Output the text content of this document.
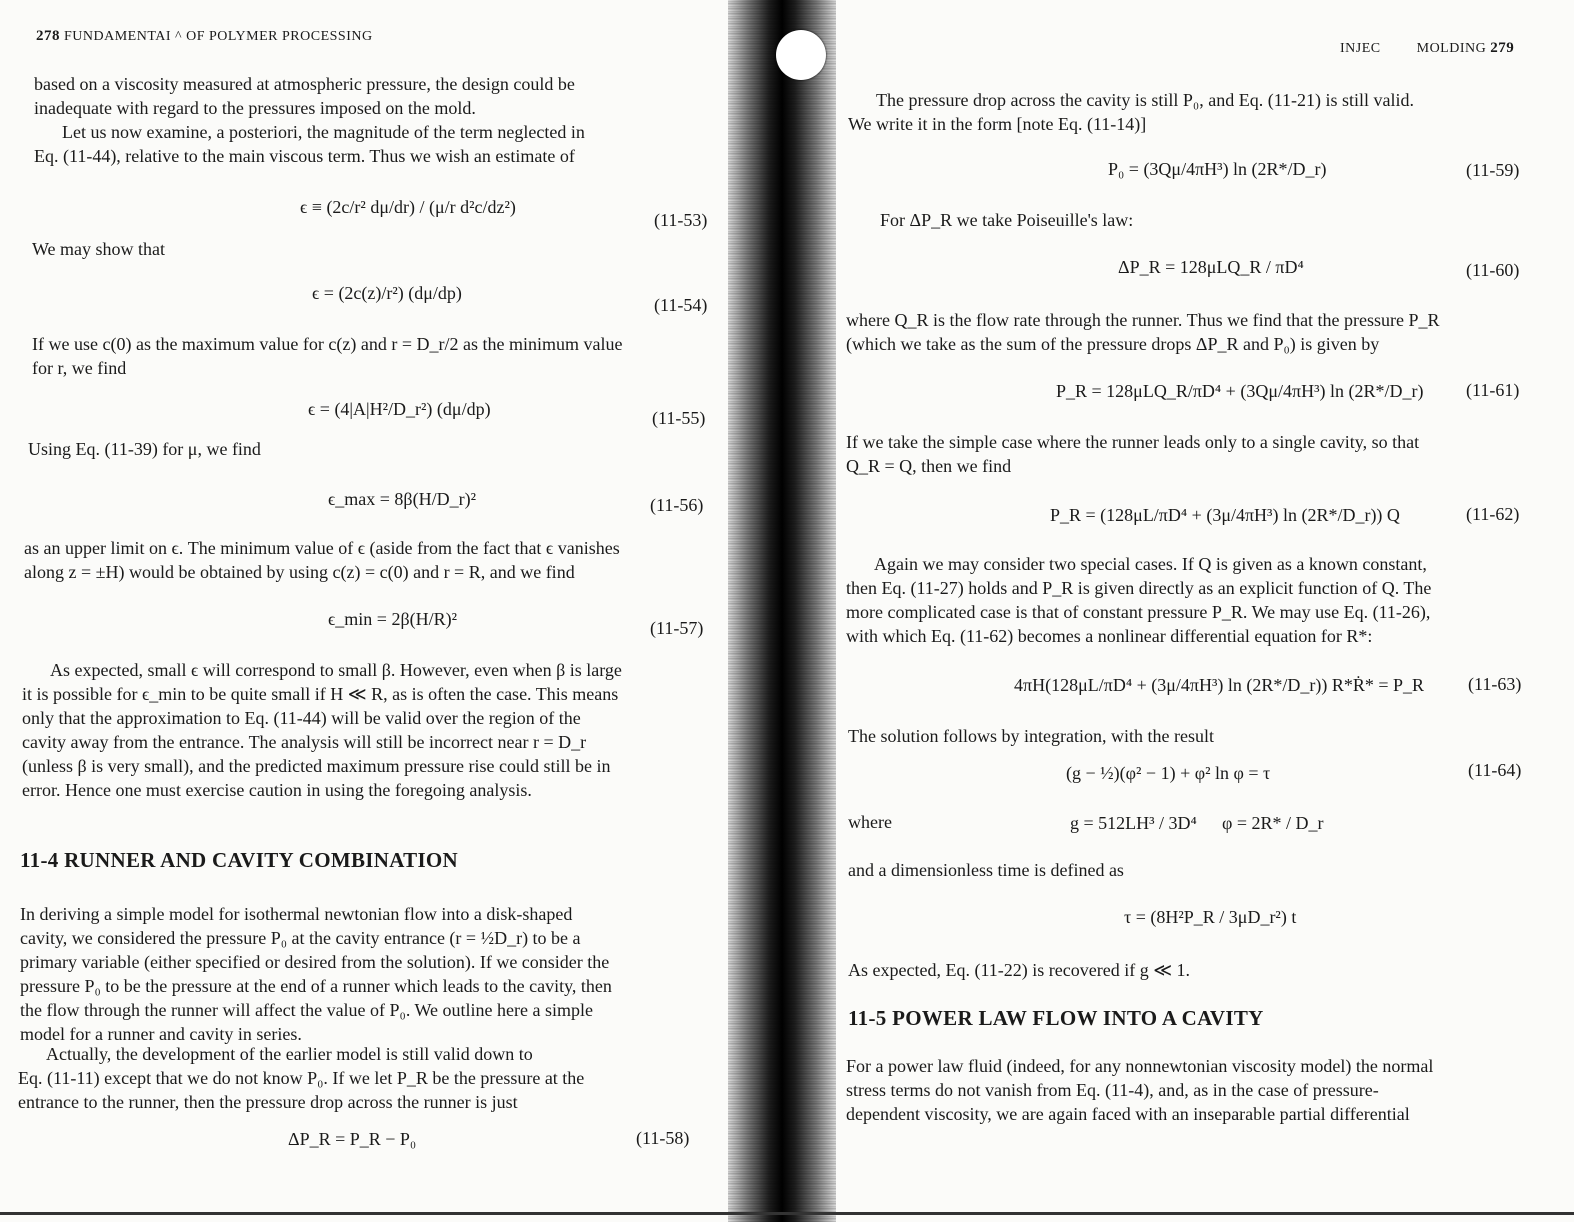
278 FUNDAMENTAI ^ OF POLYMER PROCESSING
based on a viscosity measured at atmospheric pressure, the design could be
inadequate with regard to the pressures imposed on the mold.
Let us now examine, a posteriori, the magnitude of the term neglected in
Eq. (11-44), relative to the main viscous term. Thus we wish an estimate of
ϵ ≡ (2c/r² dμ/dr) / (μ/r d²c/dz²)
(11-53)
We may show that
ϵ = (2c(z)/r²) (dμ/dp)
(11-54)
If we use c(0) as the maximum value for c(z) and r = D_r/2 as the minimum value
for r, we find
ϵ = (4|A|H²/D_r²) (dμ/dp)	(11-55)
Using Eq. (11-39) for μ, we find
ϵ_max = 8β(H/D_r)²	(11-56)
as an upper limit on ϵ. The minimum value of ϵ (aside from the fact that ϵ vanishes
along z = ±H) would be obtained by using c(z) = c(0) and r = R, and we find
ϵ_min = 2β(H/R)²	(11-57)
As expected, small ϵ will correspond to small β. However, even when β is large
it is possible for ϵ_min to be quite small if H ≪ R, as is often the case. This means
only that the approximation to Eq. (11-44) will be valid over the region of the
cavity away from the entrance. The analysis will still be incorrect near r = D_r
(unless β is very small), and the predicted maximum pressure rise could still be in
error. Hence one must exercise caution in using the foregoing analysis.
11-4 RUNNER AND CAVITY COMBINATION
In deriving a simple model for isothermal newtonian flow into a disk-shaped
cavity, we considered the pressure P₀ at the cavity entrance (r = ½D_r) to be a
primary variable (either specified or desired from the solution). If we consider the
pressure P₀ to be the pressure at the end of a runner which leads to the cavity, then
the flow through the runner will affect the value of P₀. We outline here a simple
model for a runner and cavity in series.
Actually, the development of the earlier model is still valid down to
Eq. (11-11) except that we do not know P₀. If we let P_R be the pressure at the
entrance to the runner, then the pressure drop across the runner is just
ΔP_R = P_R − P₀	(11-58)
INJEC	MOLDING 279
The pressure drop across the cavity is still P₀, and Eq. (11-21) is still valid.
We write it in the form [note Eq. (11-14)]
P₀ = (3Qμ/4πH³) ln (2R*/D_r)	(11-59)
For ΔP_R we take Poiseuille's law:
ΔP_R = 128μLQ_R / πD⁴	(11-60)
where Q_R is the flow rate through the runner. Thus we find that the pressure P_R
(which we take as the sum of the pressure drops ΔP_R and P₀) is given by
P_R = 128μLQ_R/πD⁴ + (3Qμ/4πH³) ln (2R*/D_r) (11-61)
If we take the simple case where the runner leads only to a single cavity, so that
Q_R = Q, then we find
P_R = (128μL/πD⁴ + (3μ/4πH³) ln (2R*/D_r)) Q	(11-62)
Again we may consider two special cases. If Q is given as a known constant,
then Eq. (11-27) holds and P_R is given directly as an explicit function of Q. The
more complicated case is that of constant pressure P_R. We may use Eq. (11-26),
with which Eq. (11-62) becomes a nonlinear differential equation for R*:
4πH(128μL/πD⁴ + (3μ/4πH³) ln (2R*/D_r)) R*Ṙ* = P_R (11-63)
The solution follows by integration, with the result
(g − ½)(φ² − 1) + φ² ln φ = τ	(11-64)
where	g = 512LH³ / 3D⁴ φ = 2R* / D_r
and a dimensionless time is defined as
τ = (8H²P_R / 3μD_r²) t
As expected, Eq. (11-22) is recovered if g ≪ 1.
11-5 POWER LAW FLOW INTO A CAVITY
For a power law fluid (indeed, for any nonnewtonian viscosity model) the normal
stress terms do not vanish from Eq. (11-4), and, as in the case of pressure-
dependent viscosity, we are again faced with an inseparable partial differential
